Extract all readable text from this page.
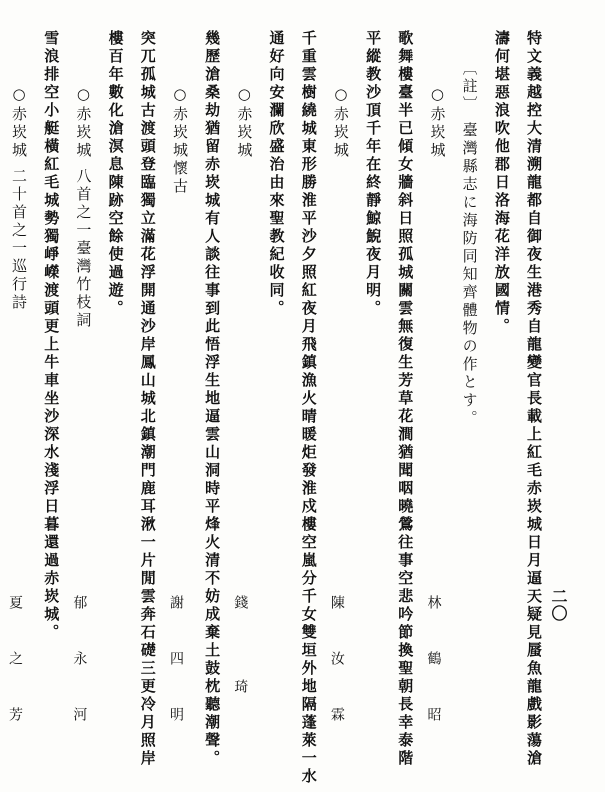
二〇
特文義越控大清溯龍都自御夜生港秀自龍變官長載上紅毛赤崁城日月逼天疑見蜃魚龍戲影蕩滄
濤何堪惡浪吹他郡日洛海花洋放國情。
〔註〕 臺灣縣志に海防同知齊體物の作とす。
○赤崁城
林　鶴　昭
歌舞樓臺半已傾女牆斜日照孤城關雲無復生芳草花澗猶聞咽曉鶯往事空悲吟節換聖朝長幸泰階
平縱教沙頂千年在終靜鯨鯢夜月明。
○赤崁城
陳　汝　霖
千重雲樹繞城東形勝淮平沙夕照紅夜月飛鎮漁火晴暖炬發淮戍樓空嵐分千女雙垣外地隔蓬萊一水
通好向安瀾欣盛治由來聖教紀收同。
○赤崁城
錢　　琦
幾歷滄桑劫猶留赤崁城有人談往事到此悟浮生地逼雲山洞時平烽火清不妨成棄土鼓枕聽潮聲。
○赤崁城懷古
謝　四　明
突兀孤城古渡頭登臨獨立滿花浮開通沙岸鳳山城北鎮潮門鹿耳湫一片閒雲奔石礎三更冷月照岸
樓百年數化滄溟息陳跡空餘使過遊。
○赤崁城 八首之一臺灣竹枝詞
郁　永　河
雪浪排空小艇橫紅毛城勢獨崢嶸渡頭更上牛車坐沙深水淺浮日暮還過赤崁城。
○赤崁城 二十首之一巡行詩
夏　之　芳
